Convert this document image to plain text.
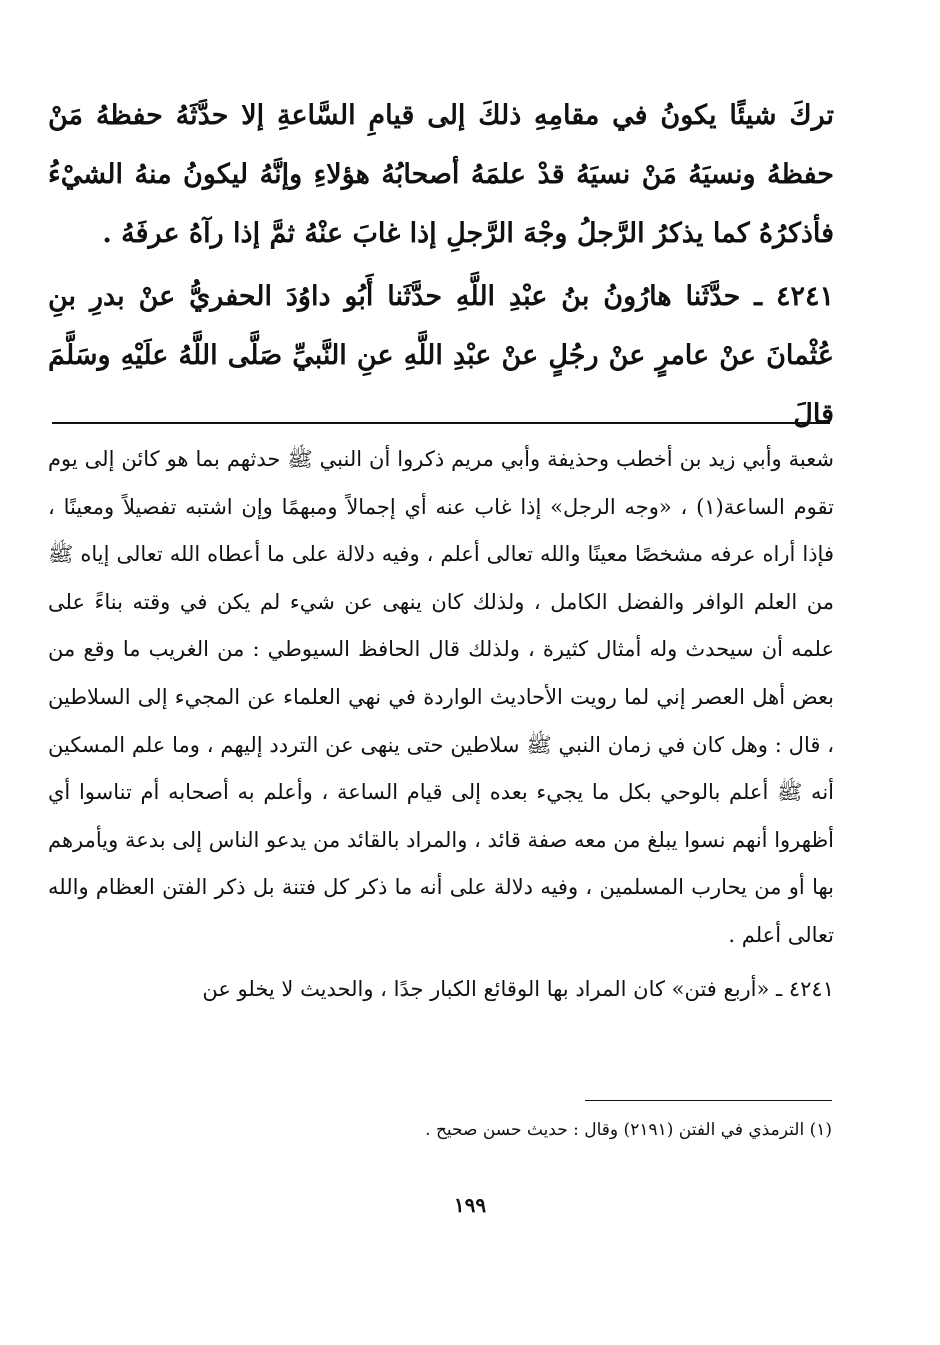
تركَ شيئًا يكونُ في مقامِهِ ذلكَ إلى قيامِ السَّاعةِ إلا حدَّثَهُ حفظهُ مَنْ حفظهُ ونسيَهُ مَنْ نسيَهُ قدْ علمَهُ أصحابُهُ هؤلاءِ وإنَّهُ ليكونُ منهُ الشيْءُ فأذكرُهُ كما يذكرُ الرَّجلُ وجْهَ الرَّجلِ إذا غابَ عنْهُ ثمَّ إذا رآهُ عرفَهُ .

٤٢٤١ ـ حدَّثَنا هارُونُ بنُ عبْدِ اللَّهِ حدَّثَنا أَبُو داوُدَ الحفريُّ عنْ بدرِ بنِ عُثْمانَ عنْ عامرٍ عنْ رجُلٍ عنْ عبْدِ اللَّهِ عنِ النَّبيِّ صَلَّى اللَّهُ علَيْهِ وسَلَّمَ قالَ

شعبة وأبي زيد بن أخطب وحذيفة وأبي مريم ذكروا أن النبي ﷺ حدثهم بما هو كائن إلى يوم تقوم الساعة(١) ، «وجه الرجل» إذا غاب عنه أي إجمالاً ومبهمًا وإن اشتبه تفصيلاً ومعينًا ، فإذا أراه عرفه مشخصًا معينًا والله تعالى أعلم ، وفيه دلالة على ما أعطاه الله تعالى إياه ﷺ من العلم الوافر والفضل الكامل ، ولذلك كان ينهى عن شيء لم يكن في وقته بناءً على علمه أن سيحدث وله أمثال كثيرة ، ولذلك قال الحافظ السيوطي : من الغريب ما وقع من بعض أهل العصر إني لما رويت الأحاديث الواردة في نهي العلماء عن المجيء إلى السلاطين ، قال : وهل كان في زمان النبي ﷺ سلاطين حتى ينهى عن التردد إليهم ، وما علم المسكين أنه ﷺ أعلم بالوحي بكل ما يجيء بعده إلى قيام الساعة ، وأعلم به أصحابه أم تناسوا أي أظهروا أنهم نسوا يبلغ من معه صفة قائد ، والمراد بالقائد من يدعو الناس إلى بدعة ويأمرهم بها أو من يحارب المسلمين ، وفيه دلالة على أنه ما ذكر كل فتنة بل ذكر الفتن العظام والله تعالى أعلم .

٤٢٤١ ـ «أربع فتن» كان المراد بها الوقائع الكبار جدًا ، والحديث لا يخلو عن

(١) الترمذي في الفتن (٢١٩١) وقال : حديث حسن صحيح .
١٩٩
